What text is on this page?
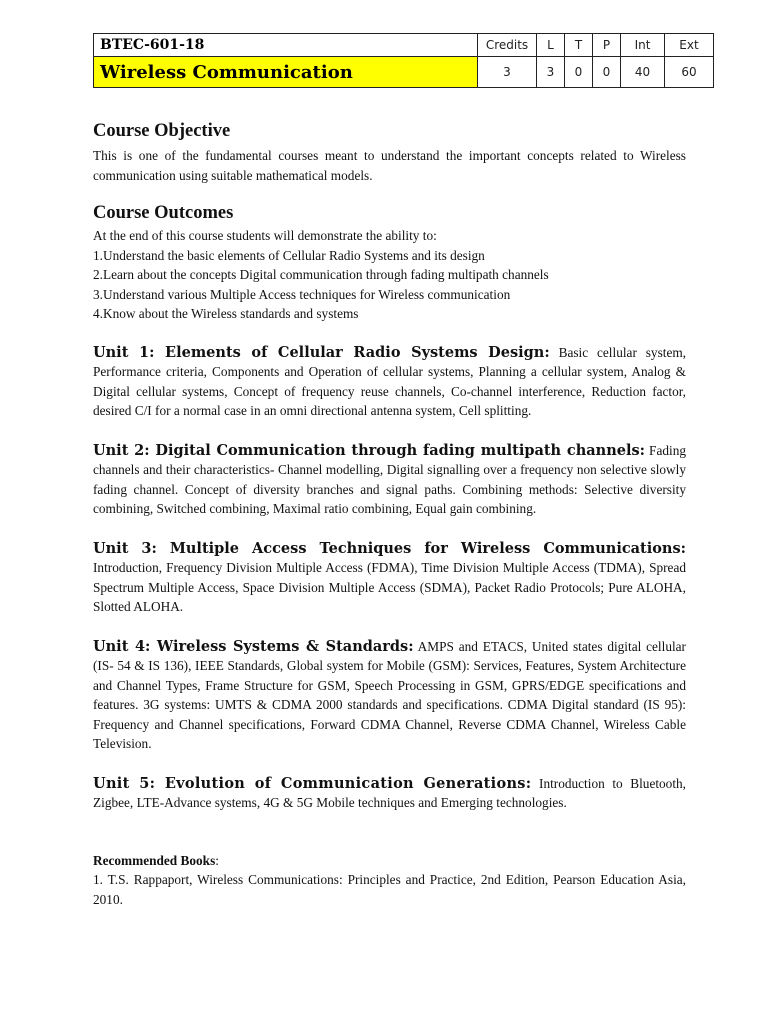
BTEC-601-18	Credits	L	T	P	Int	Ext
Wireless Communication	3	3	0	0	40	60
Course Objective

This is one of the fundamental courses meant to understand the important concepts related to Wireless communication using suitable mathematical models.

Course Outcomes

At the end of this course students will demonstrate the ability to:

1.Understand the basic elements of Cellular Radio Systems and its design
2.Learn about the concepts Digital communication through fading multipath channels
3.Understand various Multiple Access techniques for Wireless communication
4.Know about the Wireless standards and systems

Unit 1: Elements of Cellular Radio Systems Design: Basic cellular system, Performance criteria, Components and Operation of cellular systems, Planning a cellular system, Analog & Digital cellular systems, Concept of frequency reuse channels, Co-channel interference, Reduction factor, desired C/I for a normal case in an omni directional antenna system, Cell splitting.

Unit 2: Digital Communication through fading multipath channels: Fading channels and their characteristics- Channel modelling, Digital signalling over a frequency non selective slowly fading channel. Concept of diversity branches and signal paths. Combining methods: Selective diversity combining, Switched combining, Maximal ratio combining, Equal gain combining.

Unit 3: Multiple Access Techniques for Wireless Communications: Introduction, Frequency Division Multiple Access (FDMA), Time Division Multiple Access (TDMA), Spread Spectrum Multiple Access, Space Division Multiple Access (SDMA), Packet Radio Protocols; Pure ALOHA, Slotted ALOHA.

Unit 4: Wireless Systems & Standards: AMPS and ETACS, United states digital cellular (IS- 54 & IS 136), IEEE Standards, Global system for Mobile (GSM): Services, Features, System Architecture and Channel Types, Frame Structure for GSM, Speech Processing in GSM, GPRS/EDGE specifications and features. 3G systems: UMTS & CDMA 2000 standards and specifications. CDMA Digital standard (IS 95): Frequency and Channel specifications, Forward CDMA Channel, Reverse CDMA Channel, Wireless Cable Television.

Unit 5: Evolution of Communication Generations: Introduction to Bluetooth, Zigbee, LTE-Advance systems, 4G & 5G Mobile techniques and Emerging technologies.

Recommended Books:

1. T.S. Rappaport, Wireless Communications: Principles and Practice, 2nd Edition, Pearson Education Asia, 2010.
